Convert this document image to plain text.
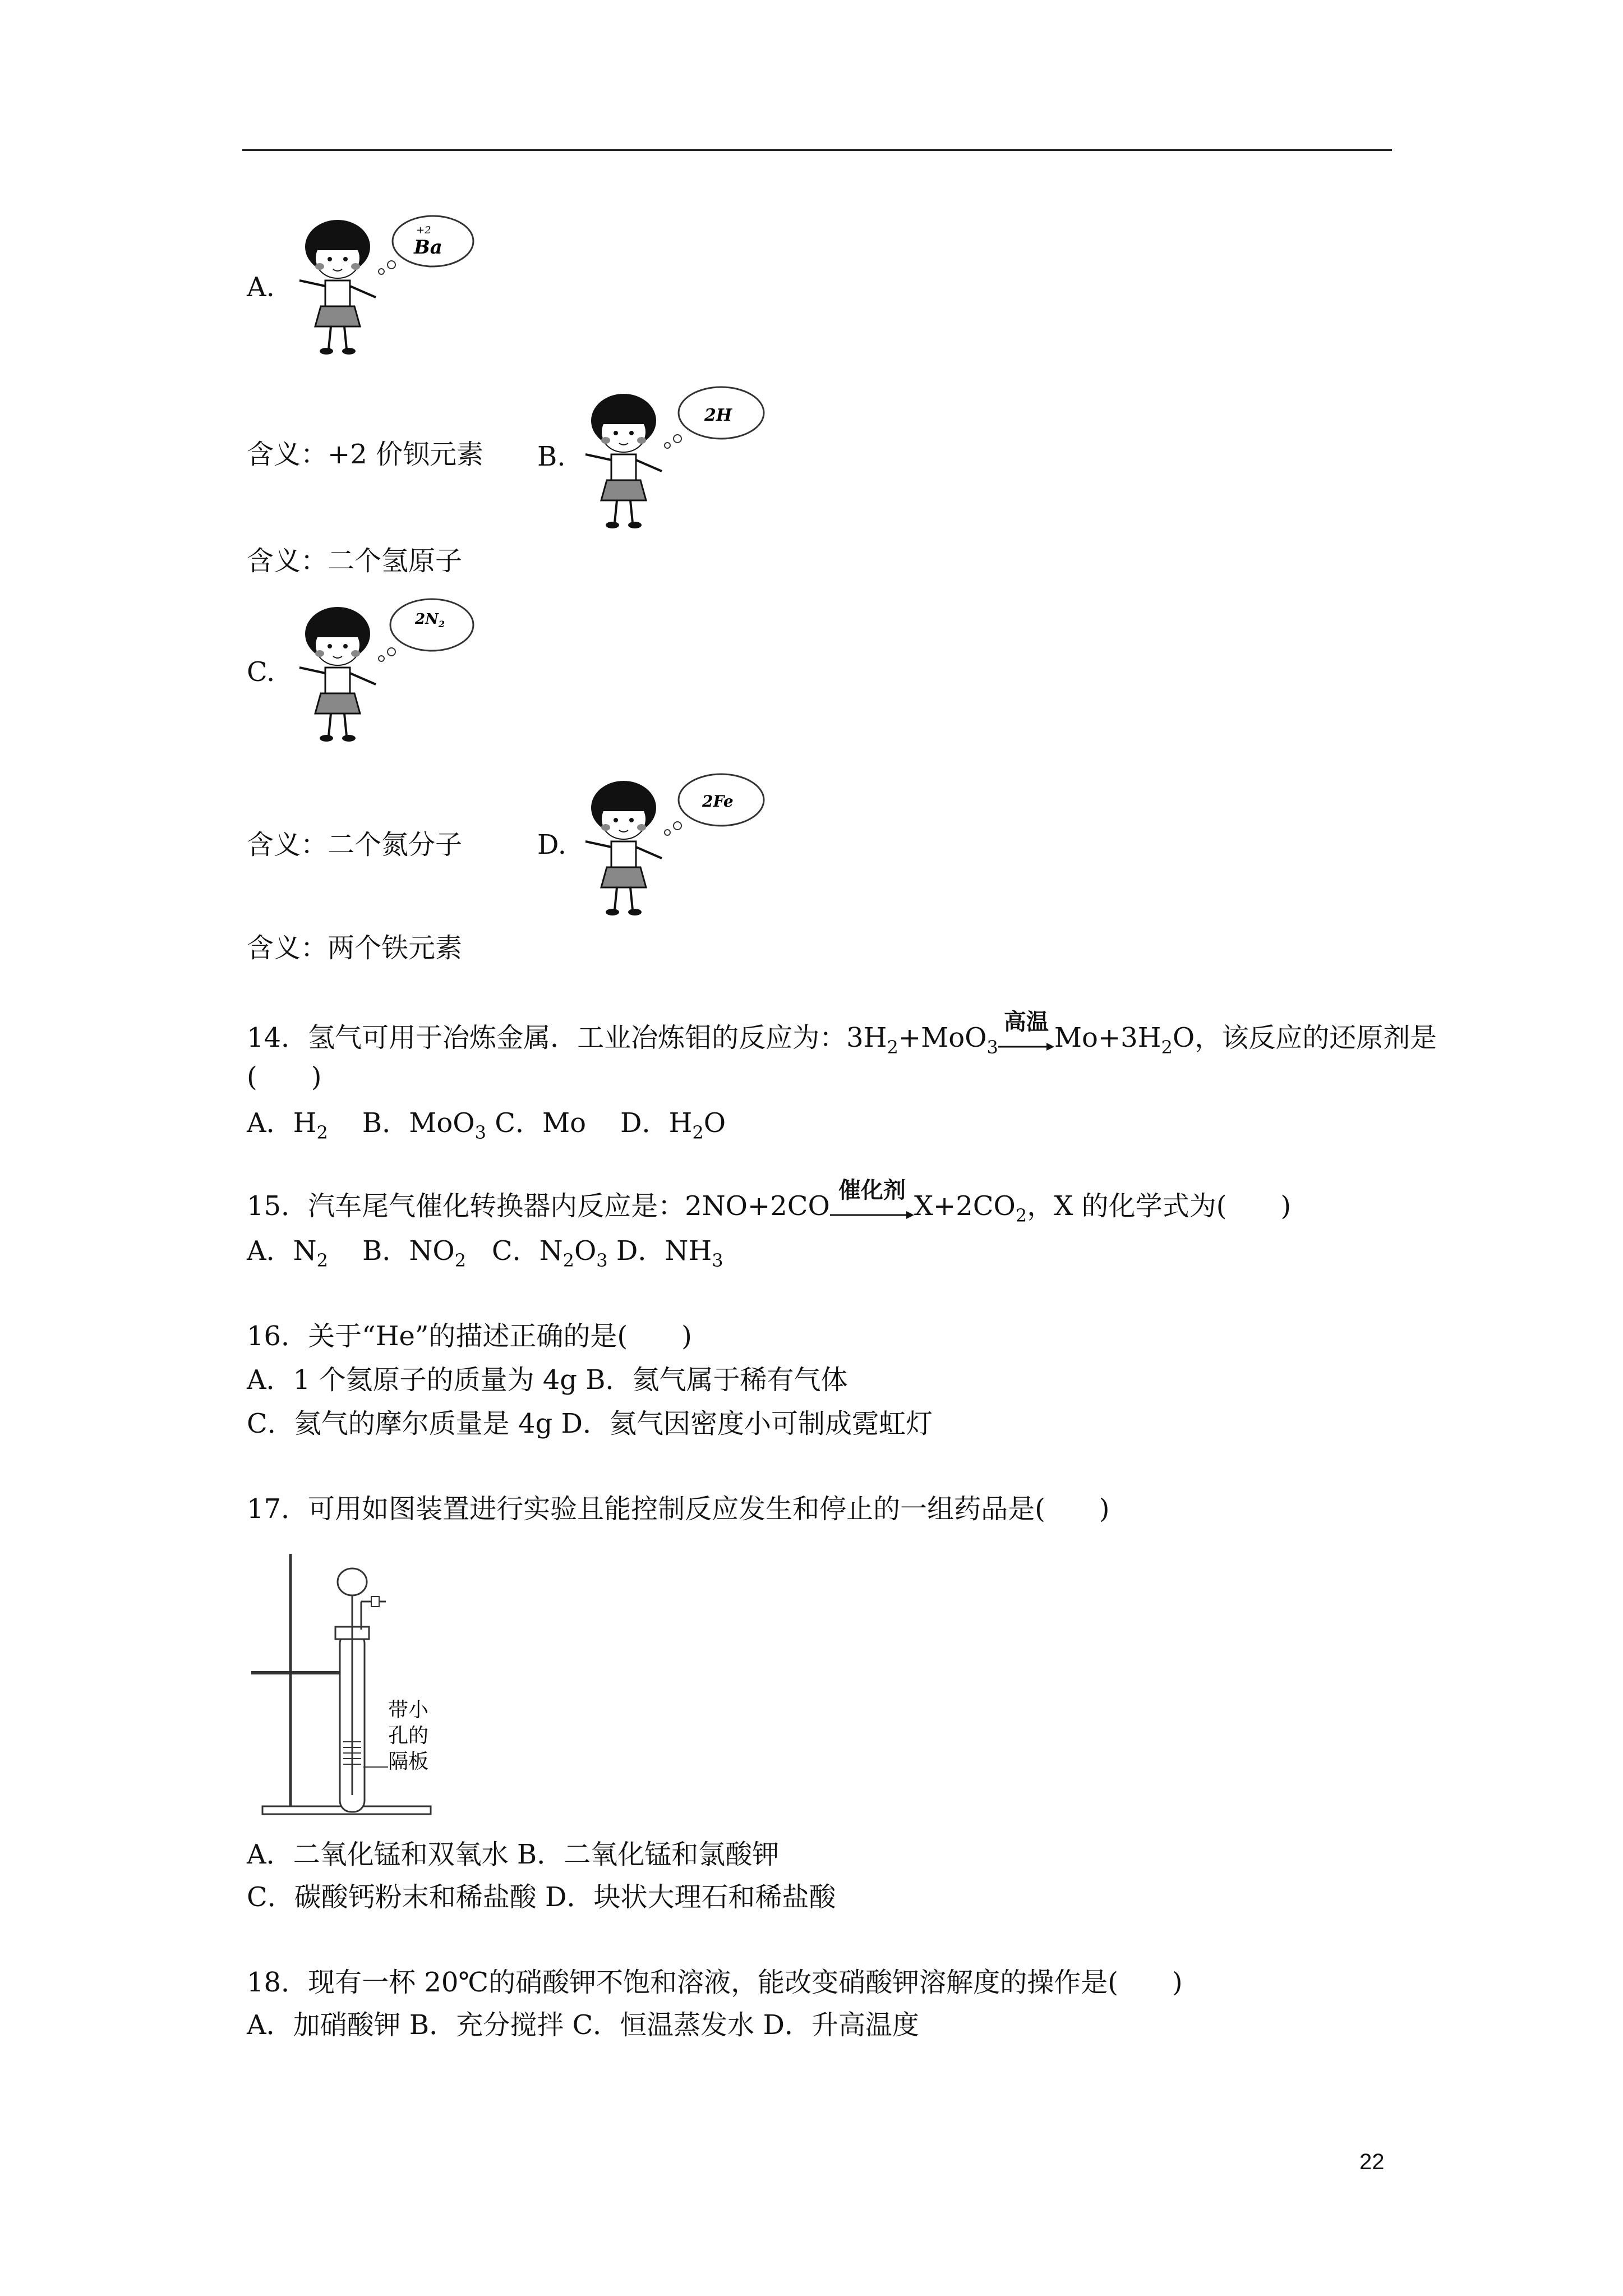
A.
+2
Ba
含义：+2 价钡元素 B.
2H
含义：二个氢原子
C.
$2N_2$
含义：二个氮分子	D.
2Fe
含义：两个铁元素
14．氢气可用于冶炼金属．工业冶炼钼的反应为：$3H_2+MoO_3$
高温 $Mo+3H_2O$，该反应的还原剂是
(　　)
A．$H_2$ B．MoO$_3$ C．Mo D．$H_2O$
15．汽车尾气催化转换器内反应是：2NO+2CO 催化剂 $X+2CO_2$，X 的化学式为(　　)
A．$N_2$ B．$NO_2$ C．$N_2O_3$ D．$NH_3$
16．关于“He”的描述正确的是(　　)
A．1 个氦原子的质量为 4g B．氦气属于稀有气体
C．氦气的摩尔质量是 4g D．氦气因密度小可制成霓虹灯
17．可用如图装置进行实验且能控制反应发生和停止的一组药品是(　　)
带小
孔的
隔板
A．二氧化锰和双氧水 B．二氧化锰和氯酸钾
C．碳酸钙粉末和稀盐酸 D．块状大理石和稀盐酸
18．现有一杯 20℃的硝酸钾不饱和溶液，能改变硝酸钾溶解度的操作是(　　)
A．加硝酸钾 B．充分搅拌 C．恒温蒸发水 D．升高温度
22
